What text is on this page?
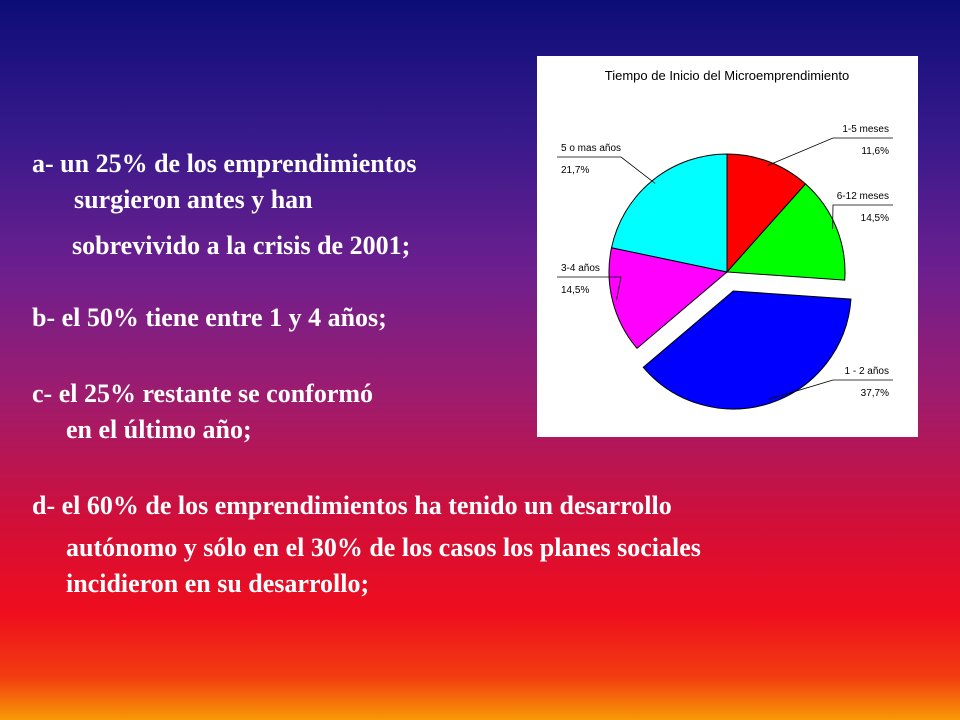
a- un 25% de los emprendimientos
surgieron antes y han
sobrevivido a la crisis de 2001;
b- el 50% tiene entre 1 y 4 años;
c- el 25% restante se conformó
en el último año;
d- el 60% de los emprendimientos ha tenido un desarrollo
autónomo y sólo en el 30% de los casos los planes sociales
incidieron en su desarrollo;
Tiempo de Inicio del Microemprendimiento
1-5 meses
11,6%
6-12 meses
14,5%
1 - 2 años
37,7%
3-4 años
14,5%
5 o mas años
21,7%
